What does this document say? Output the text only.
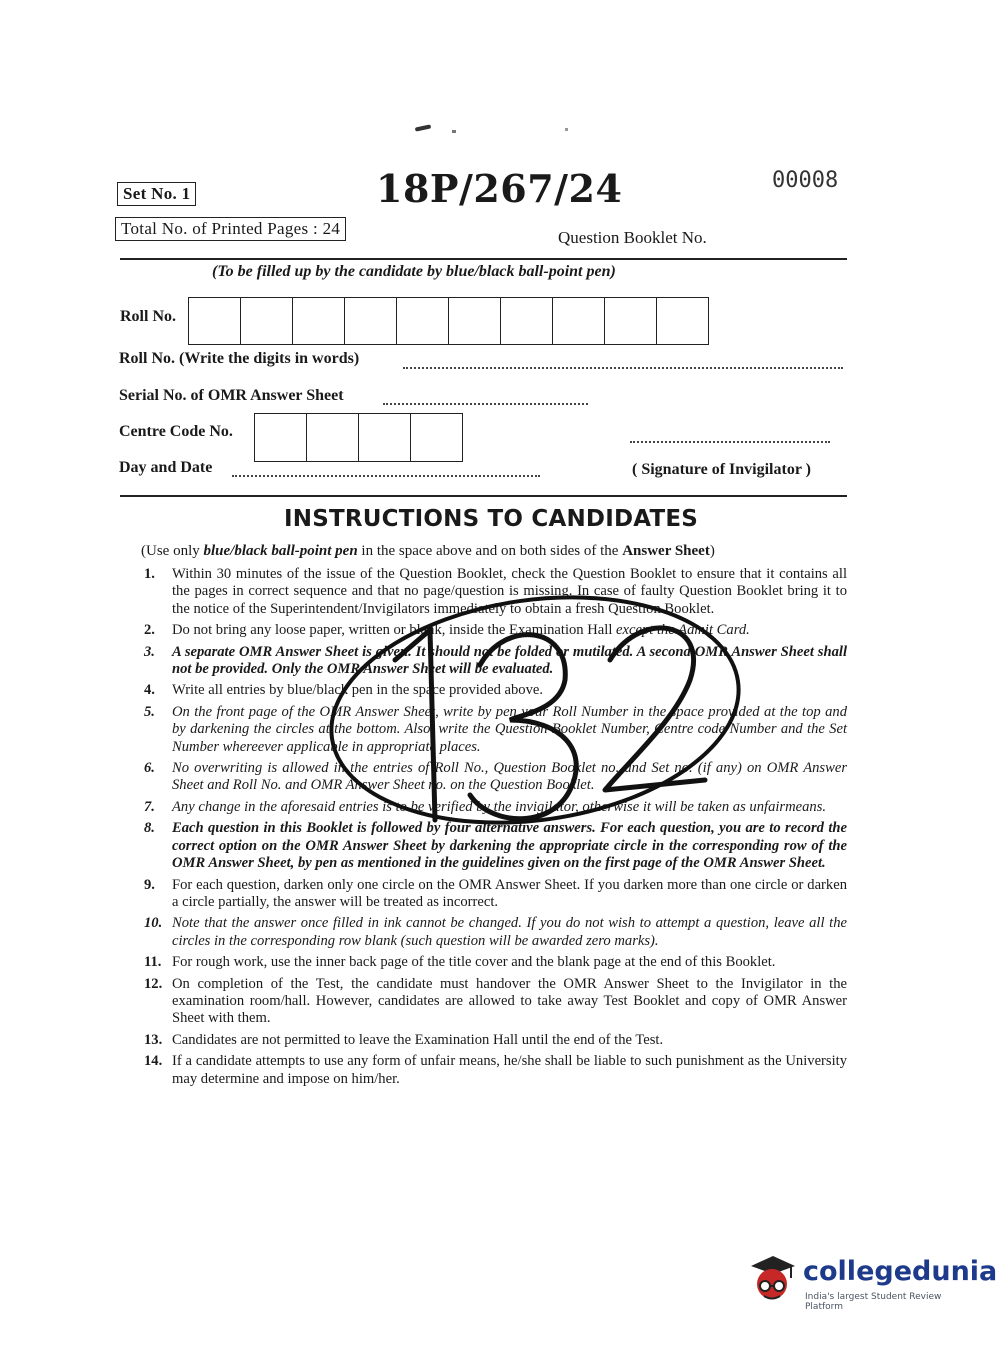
Set No. 1	18P/267/24	00008
Total No. of Printed Pages : 24	Question Booklet No.
(To be filled up by the candidate by blue/black ball-point pen)
Roll No.
Roll No. (Write the digits in words)
Serial No. of OMR Answer Sheet
Centre Code No.
Day and Date	( Signature of Invigilator )
INSTRUCTIONS TO CANDIDATES
(Use only blue/black ball-point pen in the space above and on both sides of the Answer Sheet)
1. Within 30 minutes of the issue of the Question Booklet, check the Question Booklet to ensure that it contains all the pages in correct sequence and that no page/question is missing. In case of faulty Question Booklet bring it to the notice of the Superintendent/Invigilators immediately to obtain a fresh Question Booklet.
2. Do not bring any loose paper, written or blank, inside the Examination Hall except the Admit Card.
3. A separate OMR Answer Sheet is given. It should not be folded or mutilated. A second OMR Answer Sheet shall not be provided. Only the OMR Answer Sheet will be evaluated.
4. Write all entries by blue/black pen in the space provided above.
5. On the front page of the OMR Answer Sheet, write by pen your Roll Number in the space provided at the top and by darkening the circles at the bottom. Also, write the Question Booklet Number, Centre code Number and the Set Number whereever applicable in appropriate places.
6. No overwriting is allowed in the entries of Roll No., Question Booklet no. and Set no. (if any) on OMR Answer Sheet and Roll No. and OMR Answer Sheet no. on the Question Booklet.
7. Any change in the aforesaid entries is to be verified by the invigilator, otherwise it will be taken as unfairmeans.
8. Each question in this Booklet is followed by four alternative answers. For each question, you are to record the correct option on the OMR Answer Sheet by darkening the appropriate circle in the corresponding row of the OMR Answer Sheet, by pen as mentioned in the guidelines given on the first page of the OMR Answer Sheet.
9. For each question, darken only one circle on the OMR Answer Sheet. If you darken more than one circle or darken a circle partially, the answer will be treated as incorrect.
10. Note that the answer once filled in ink cannot be changed. If you do not wish to attempt a question, leave all the circles in the corresponding row blank (such question will be awarded zero marks).
11. For rough work, use the inner back page of the title cover and the blank page at the end of this Booklet.
12. On completion of the Test, the candidate must handover the OMR Answer Sheet to the Invigilator in the examination room/hall. However, candidates are allowed to take away Test Booklet and copy of OMR Answer Sheet with them.
13. Candidates are not permitted to leave the Examination Hall until the end of the Test.
14. If a candidate attempts to use any form of unfair means, he/she shall be liable to such punishment as the University may determine and impose on him/her.
collegedunia
India's largest Student Review Platform
